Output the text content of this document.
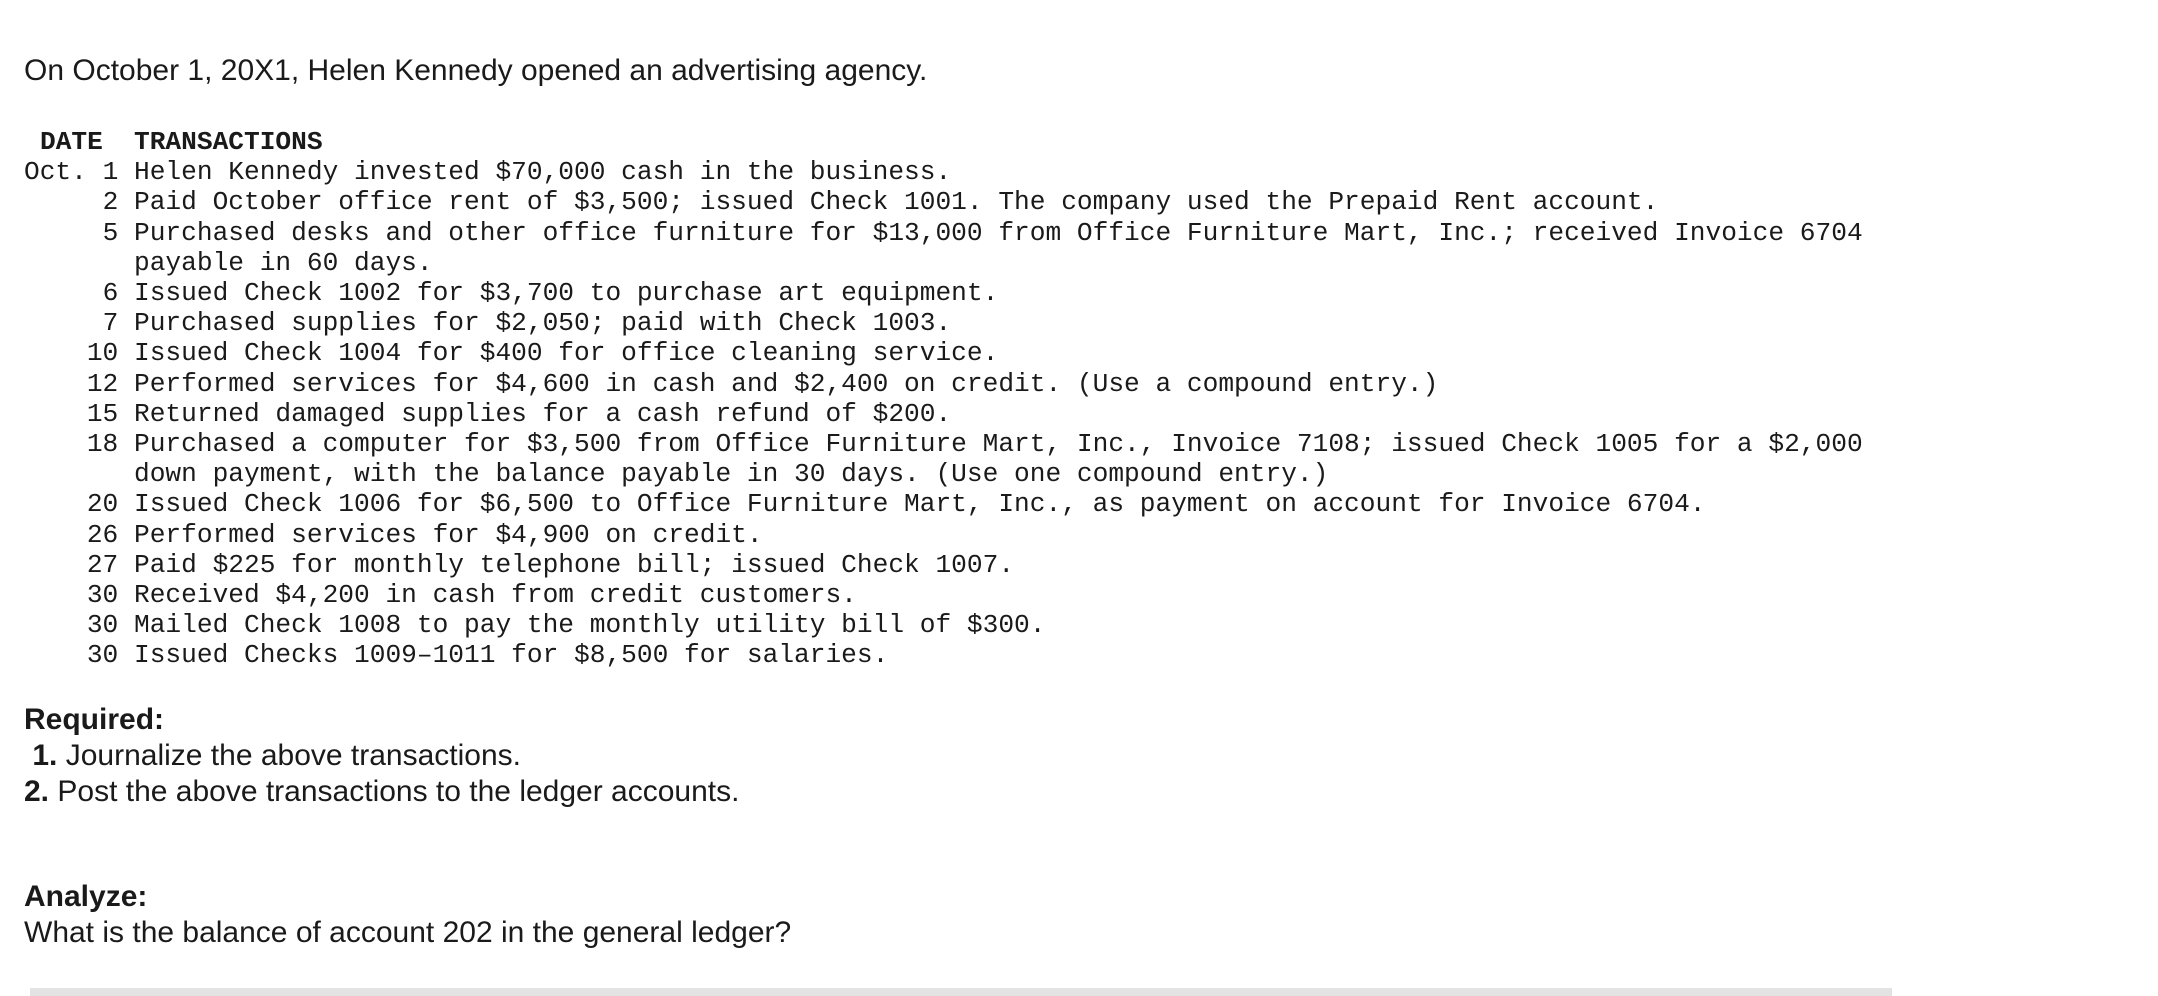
On October 1, 20X1, Helen Kennedy opened an advertising agency.
DATE	TRANSACTIONS
Oct. 1 Helen Kennedy invested $70,000 cash in the business.
2 Paid October office rent of $3,500; issued Check 1001. The company used the Prepaid Rent account.
5 Purchased desks and other office furniture for $13,000 from Office Furniture Mart, Inc.; received Invoice 6704
payable in 60 days.
6 Issued Check 1002 for $3,700 to purchase art equipment.
7 Purchased supplies for $2,050; paid with Check 1003.
10 Issued Check 1004 for $400 for office cleaning service.
12 Performed services for $4,600 in cash and $2,400 on credit. (Use a compound entry.)
15 Returned damaged supplies for a cash refund of $200.
18 Purchased a computer for $3,500 from Office Furniture Mart, Inc., Invoice 7108; issued Check 1005 for a $2,000
down payment, with the balance payable in 30 days. (Use one compound entry.)
20 Issued Check 1006 for $6,500 to Office Furniture Mart, Inc., as payment on account for Invoice 6704.
26 Performed services for $4,900 on credit.
27 Paid $225 for monthly telephone bill; issued Check 1007.
30 Received $4,200 in cash from credit customers.
30 Mailed Check 1008 to pay the monthly utility bill of $300.
30 Issued Checks 1009–1011 for $8,500 for salaries.
Required:
1. Journalize the above transactions.
2. Post the above transactions to the ledger accounts.
Analyze:
What is the balance of account 202 in the general ledger?
